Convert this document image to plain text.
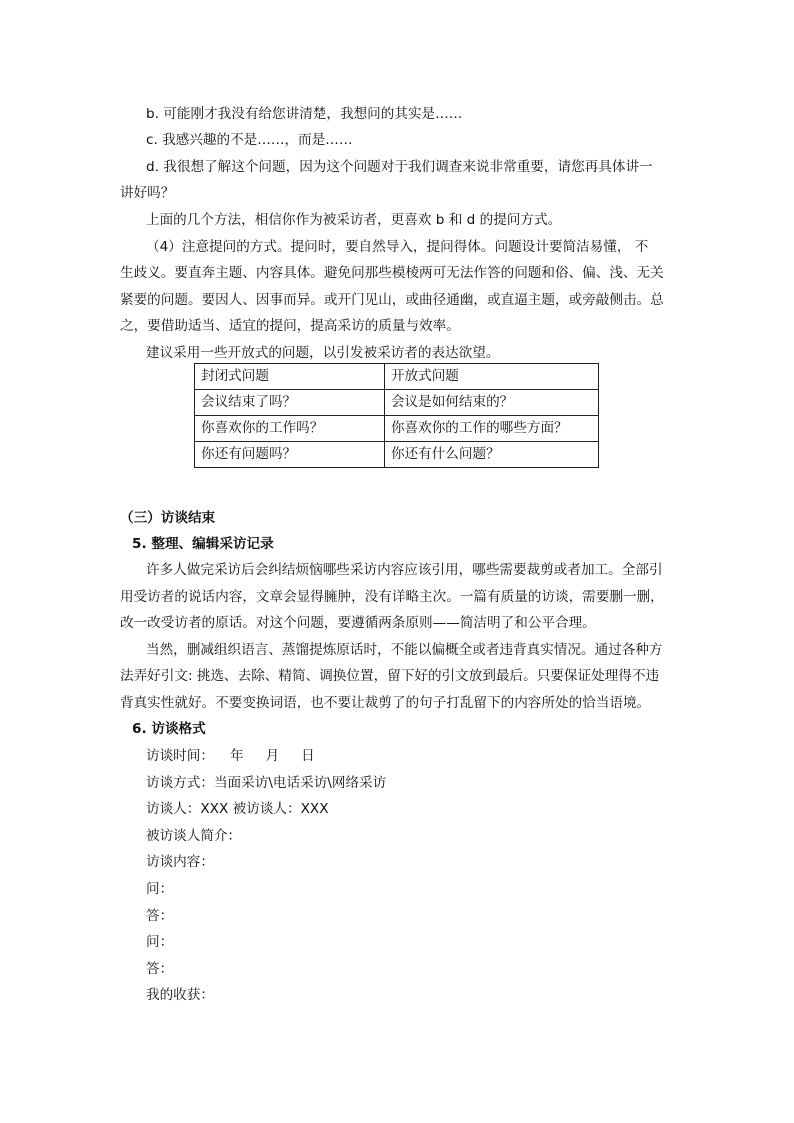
b. 可能刚才我没有给您讲清楚，我想问的其实是……
c. 我感兴趣的不是……，而是……
d. 我很想了解这个问题，因为这个问题对于我们调查来说非常重要，请您再具体讲一
讲好吗？
上面的几个方法，相信你作为被采访者，更喜欢 b 和 d 的提问方式。
（4）注意提问的方式。提问时，要自然导入，提问得体。问题设计要简洁易懂， 不
生歧义。要直奔主题、内容具体。避免问那些模棱两可无法作答的问题和俗、偏、浅、无关
紧要的问题。要因人、因事而异。或开门见山，或曲径通幽，或直逼主题，或旁敲侧击。总
之，要借助适当、适宜的提问，提高采访的质量与效率。
建议采用一些开放式的问题，以引发被采访者的表达欲望。
封闭式问题	开放式问题
会议结束了吗？	会议是如何结束的？
你喜欢你的工作吗？	你喜欢你的工作的哪些方面？
你还有问题吗？	你还有什么问题？
（三）访谈结束
5. 整理、编辑采访记录
许多人做完采访后会纠结烦恼哪些采访内容应该引用，哪些需要裁剪或者加工。全部引
用受访者的说话内容，文章会显得臃肿，没有详略主次。一篇有质量的访谈，需要删一删，
改一改受访者的原话。对这个问题，要遵循两条原则——简洁明了和公平合理。
当然，删减组织语言、蒸馏提炼原话时，不能以偏概全或者违背真实情况。通过各种方
法弄好引文: 挑选、去除、精简、调换位置，留下好的引文放到最后。只要保证处理得不违
背真实性就好。不要变换词语，也不要让裁剪了的句子打乱留下的内容所处的恰当语境。
6. 访谈格式
访谈时间： 年 月 日
访谈方式：当面采访\电话采访\网络采访
访谈人：XXX 被访谈人：XXX
被访谈人简介：
访谈内容：
问：
答：
问：
答：
我的收获：
